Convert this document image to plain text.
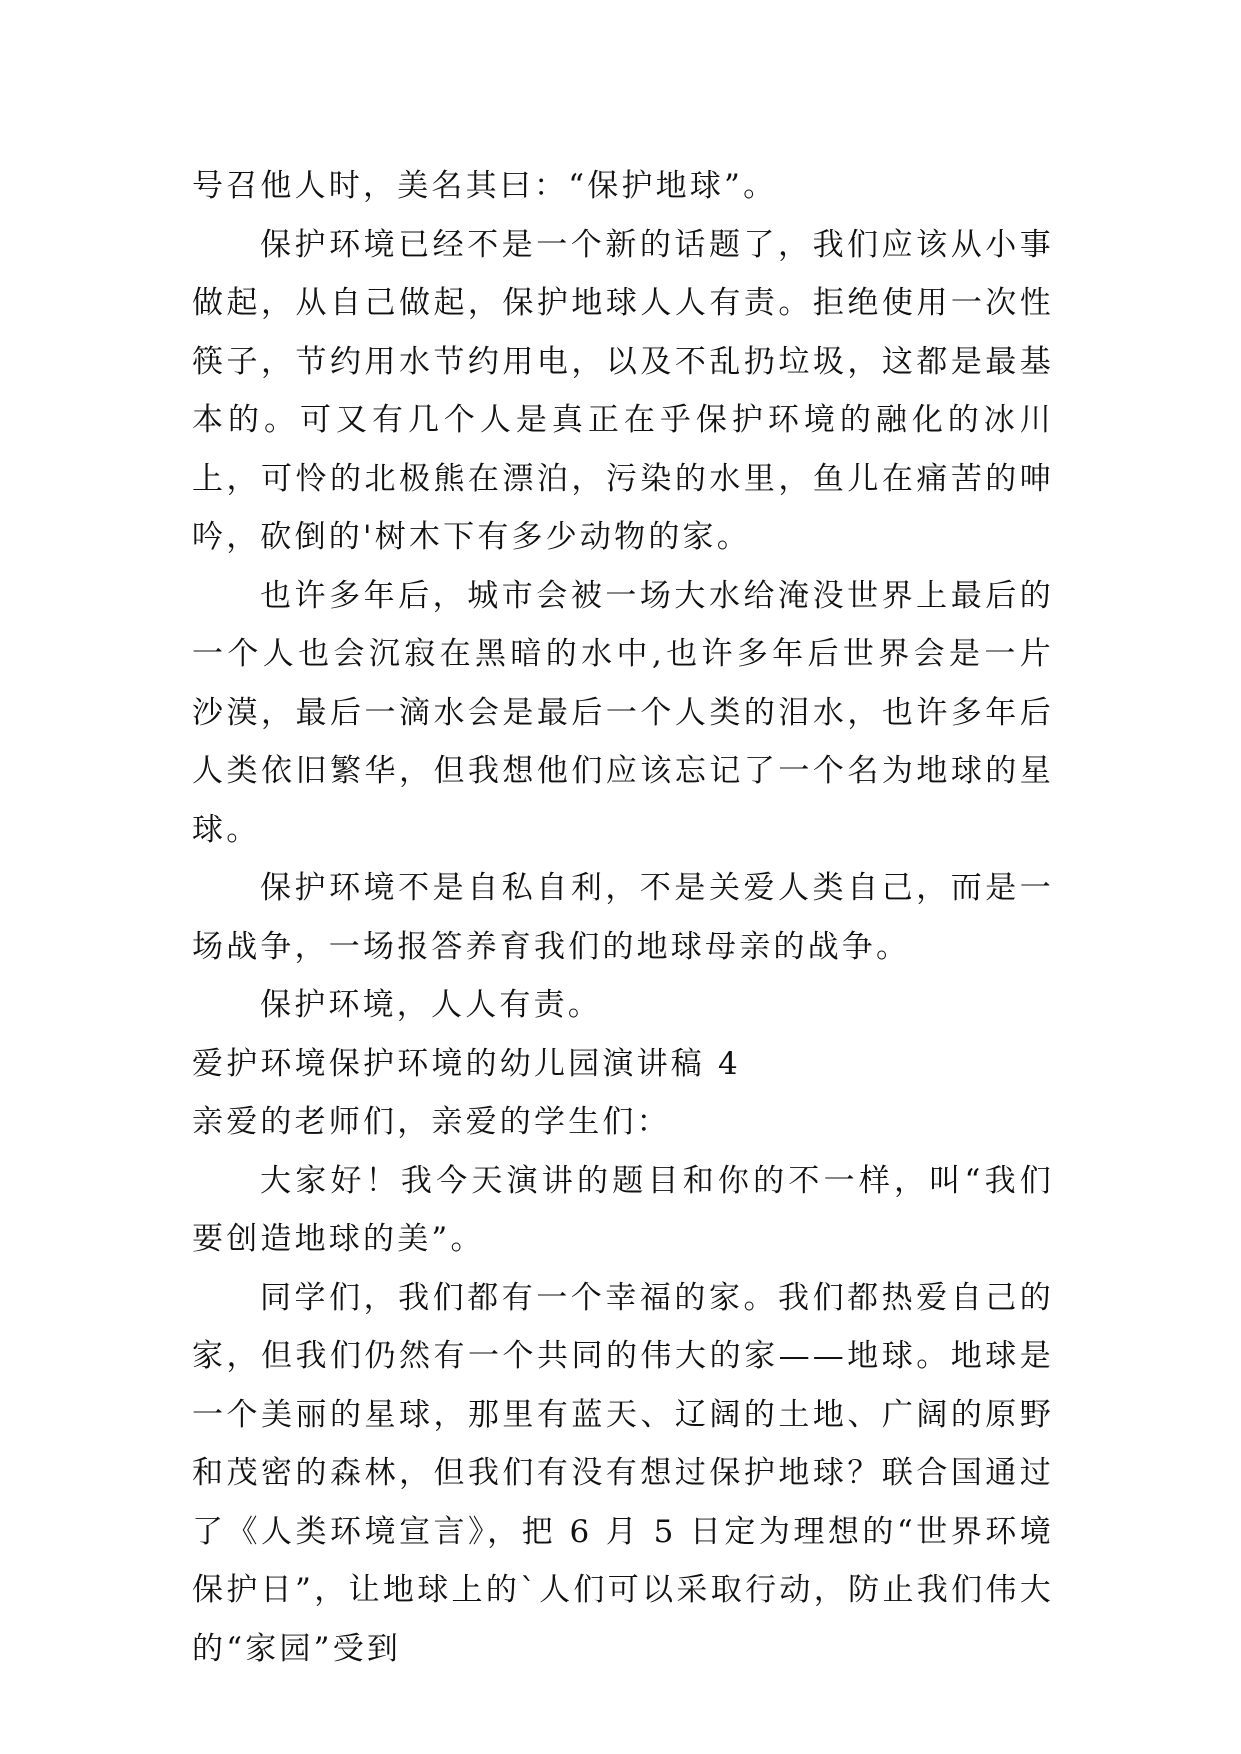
号召他人时，美名其曰：“保护地球”。

保护环境已经不是一个新的话题了，我们应该从小事做起，从自己做起，保护地球人人有责。拒绝使用一次性筷子，节约用水节约用电，以及不乱扔垃圾，这都是最基本的。可又有几个人是真正在乎保护环境的融化的冰川上，可怜的北极熊在漂泊，污染的水里，鱼儿在痛苦的呻吟，砍倒的'树木下有多少动物的家。

也许多年后，城市会被一场大水给淹没世界上最后的一个人也会沉寂在黑暗的水中,也许多年后世界会是一片沙漠，最后一滴水会是最后一个人类的泪水，也许多年后人类依旧繁华，但我想他们应该忘记了一个名为地球的星球。

保护环境不是自私自利，不是关爱人类自己，而是一场战争，一场报答养育我们的地球母亲的战争。

保护环境，人人有责。

爱护环境保护环境的幼儿园演讲稿 4

亲爱的老师们，亲爱的学生们：

大家好！我今天演讲的题目和你的不一样，叫“我们要创造地球的美”。

同学们，我们都有一个幸福的家。我们都热爱自己的家，但我们仍然有一个共同的伟大的家——地球。地球是一个美丽的星球，那里有蓝天、辽阔的土地、广阔的原野和茂密的森林，但我们有没有想过保护地球？联合国通过了《人类环境宣言》，把 6 月 5 日定为理想的“世界环境保护日”，让地球上的`人们可以采取行动，防止我们伟大的“家园”受到
